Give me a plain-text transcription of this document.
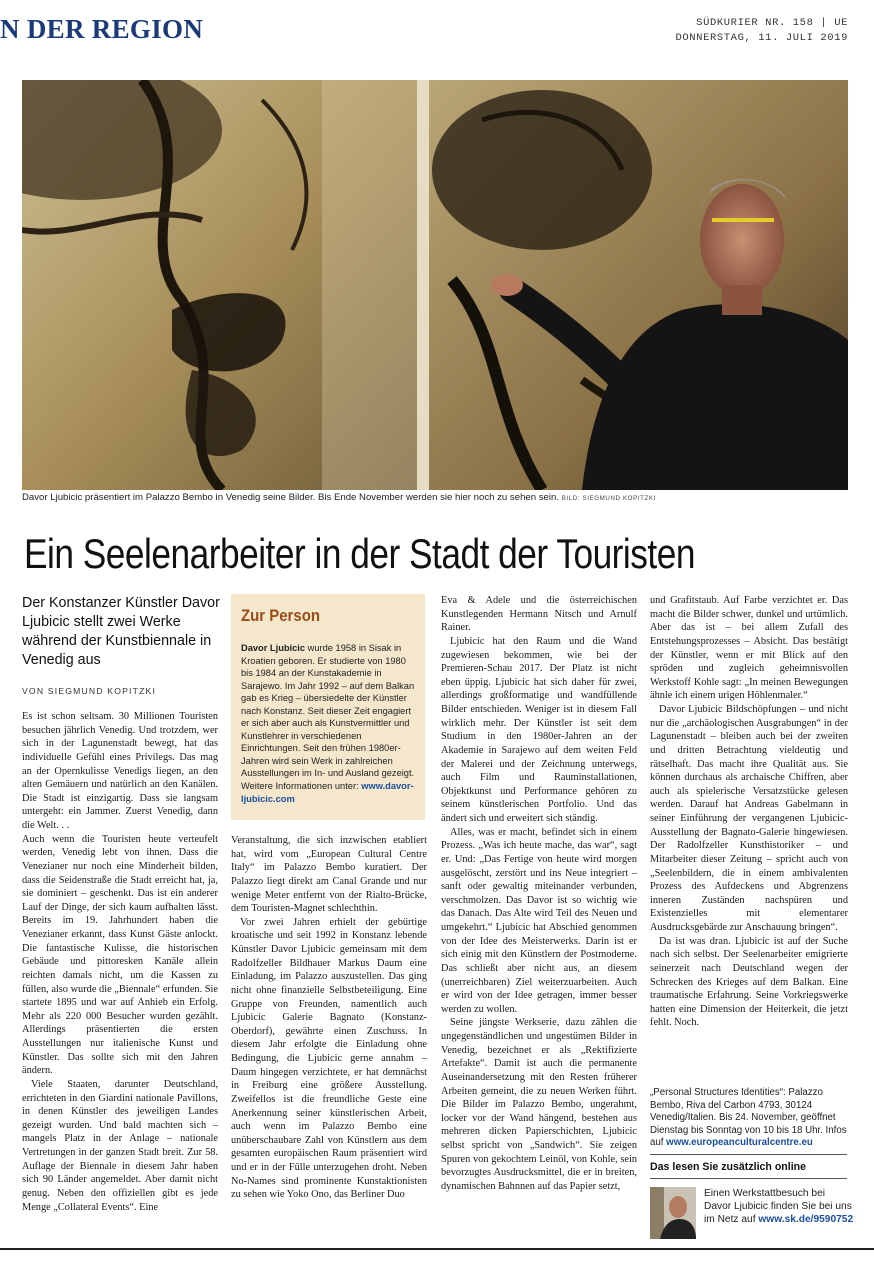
N DER REGION	SÜDKURIER NR. 158 | UE
DONNERSTAG, 11. JULI 2019
Davor Ljubicic präsentiert im Palazzo Bembo in Venedig seine Bilder. Bis Ende November werden sie hier noch zu sehen sein. BILD: SIEGMUND KOPITZKI
Ein Seelenarbeiter in der Stadt der Touristen
Der Konstanzer Künstler Davor Ljubicic stellt zwei Werke während der Kunstbiennale in Venedig aus
VON SIEGMUND KOPITZKI

Es ist schon seltsam. 30 Millionen Touristen besuchen jährlich Venedig. Und trotzdem, wer sich in der Lagunenstadt bewegt, hat das individuelle Gefühl eines Privilegs. Das mag an der Opernkulisse Venedigs liegen, an den alten Gemäuern und natürlich an den Kanälen. Die Stadt ist einzigartig. Dass sie langsam untergeht: ein Jammer. Zuerst Venedig, dann die Welt. . .

Auch wenn die Touristen heute verteufelt werden, Venedig lebt von ihnen. Dass die Venezianer nur noch eine Minderheit bilden, dass die Seidenstraße die Stadt erreicht hat, ja, sie dominiert – geschenkt. Das ist ein anderer Lauf der Dinge, der sich kaum aufhalten lässt. Bereits im 19. Jahrhundert haben die Venezianer erkannt, dass Kunst Gäste anlockt. Die fantastische Kulisse, die historischen Gebäude und pittoresken Kanäle allein reichten damals nicht, um die Kassen zu füllen, also wurde die „Biennale“ erfunden. Sie startete 1895 und war auf Anhieb ein Erfolg. Mehr als 220 000 Besucher wurden gezählt. Allerdings präsentierten die ersten Ausstellungen nur italienische Kunst und Künstler. Das sollte sich mit den Jahren ändern.

Viele Staaten, darunter Deutschland, errichteten in den Giardini nationale Pavillons, in denen Künstler des jeweiligen Landes gezeigt wurden. Und bald machten sich – mangels Platz in der Anlage – nationale Vertretungen in der ganzen Stadt breit. Zur 58. Auflage der Biennale in diesem Jahr haben sich 90 Länder angemeldet. Aber damit nicht genug. Neben den offiziellen gibt es jede Menge „Collateral Events“. Eine

Zur Person
Davor Ljubicic wurde 1958 in Sisak in Kroatien geboren. Er studierte von 1980 bis 1984 an der Kunstakademie in Sarajewo. Im Jahr 1992 – auf dem Balkan gab es Krieg – übersiedelte der Künstler nach Konstanz. Seit dieser Zeit engagiert er sich aber auch als Kunstvermittler und Kunstlehrer in verschiedenen Einrichtungen. Seit den frühen 1980er-Jahren wird sein Werk in zahlreichen Ausstellungen im In- und Ausland gezeigt. Weitere Informationen unter: www.davor-ljubicic.com

Veranstaltung, die sich inzwischen etabliert hat, wird vom „European Cultural Centre Italy“ im Palazzo Bembo kuratiert. Der Palazzo liegt direkt am Canal Grande und nur wenige Meter entfernt von der Rialto-Brücke, dem Touristen-Magnet schlechthin.

Vor zwei Jahren erhielt der gebürtige kroatische und seit 1992 in Konstanz lebende Künstler Davor Ljubicic gemeinsam mit dem Radolfzeller Bildhauer Markus Daum eine Einladung, im Palazzo auszustellen. Das ging nicht ohne finanzielle Selbstbeteiligung. Eine Gruppe von Freunden, namentlich auch Ljubicic Galerie Bagnato (Konstanz-Oberdorf), gewährte einen Zuschuss. In diesem Jahr erfolgte die Einladung ohne Bedingung, die Ljubicic gerne annahm – Daum hingegen verzichtete, er hat demnächst in Freiburg eine größere Ausstellung. Zweifellos ist die freundliche Geste eine Anerkennung seiner künstlerischen Arbeit, auch wenn im Palazzo Bembo eine unüberschaubare Zahl von Künstlern aus dem gesamten europäischen Raum präsentiert wird und er in der Fülle unterzugehen droht. Neben No-Names sind prominente Kunstaktionisten zu sehen wie Yoko Ono, das Berliner Duo

Eva & Adele und die österreichischen Kunstlegenden Hermann Nitsch und Arnulf Rainer.

Ljubicic hat den Raum und die Wand zugewiesen bekommen, wie bei der Premieren-Schau 2017. Der Platz ist nicht eben üppig. Ljubicic hat sich daher für zwei, allerdings großformatige und wandfüllende Bilder entschieden. Weniger ist in diesem Fall wirklich mehr. Der Künstler ist seit dem Studium in den 1980er-Jahren an der Akademie in Sarajewo auf dem weiten Feld der Malerei und der Zeichnung unterwegs, auch Film und Rauminstallationen, Objektkunst und Performance gehören zu seinem künstlerischen Portfolio. Und das ändert sich und erweitert sich ständig.

Alles, was er macht, befindet sich in einem Prozess. „Was ich heute mache, das war“, sagt er. Und: „Das Fertige von heute wird morgen ausgelöscht, zerstört und ins Neue integriert – sanft oder gewaltig miteinander verbunden, verschmolzen. Das Davor ist so wichtig wie das Danach. Das Alte wird Teil des Neuen und umgekehrt.“ Ljubicic hat Abschied genommen von der Idee des Meisterwerks. Darin ist er sich einig mit den Künstlern der Postmoderne. Das schließt aber nicht aus, an diesem (unerreichbaren) Ziel weiterzuarbeiten. Auch er wird von der Idee getragen, immer besser werden zu wollen.

Seine jüngste Werkserie, dazu zählen die ungegenständlichen und ungestümen Bilder in Venedig, bezeichnet er als „Rektifizierte Artefakte“. Damit ist auch die permanente Auseinandersetzung mit den Resten früherer Arbeiten gemeint, die zu neuen Werken führt. Die Bilder im Palazzo Bembo, ungerahmt, locker vor der Wand hängend, bestehen aus mehreren dicken Papierschichten, Ljubicic selbst spricht von „Sandwich“. Sie zeigen Spuren von gekochtem Leinöl, von Kohle, sein bevorzugtes Ausdrucksmittel, die er in breiten, dynamischen Bahnnen auf das Papier setzt,

und Grafitstaub. Auf Farbe verzichtet er. Das macht die Bilder schwer, dunkel und urtümlich. Aber das ist – bei allem Zufall des Entstehungsprozesses – Absicht. Das bestätigt der Künstler, wenn er mit Blick auf den spröden und zugleich geheimnisvollen Werkstoff Kohle sagt: „In meinen Bewegungen ähnle ich einem urigen Höhlenmaler.“

Davor Ljubicic Bildschöpfungen – und nicht nur die „archäologischen Ausgrabungen“ in der Lagunenstadt – bleiben auch bei der zweiten und dritten Betrachtung vieldeutig und rätselhaft. Das macht ihre Qualität aus. Sie können durchaus als archaische Chiffren, aber auch als spielerische Versatzstücke gelesen werden. Darauf hat Andreas Gabelmann in seiner Einführung der vergangenen Ljubicic-Ausstellung der Bagnato-Galerie hingewiesen. Der Radolfzeller Kunsthistoriker – und Mitarbeiter dieser Zeitung – spricht auch von „Seelenbildern, die in einem ambivalenten Prozess des Aufdeckens und Abgrenzens inneren Zuständen nachspüren und Existenzielles mit elementarer Ausdrucksgebärde zur Anschauung bringen“.

Da ist was dran. Ljubicic ist auf der Suche nach sich selbst. Der Seelenarbeiter emigrierte seinerzeit nach Deutschland wegen der Schrecken des Krieges auf dem Balkan. Eine traumatische Erfahrung. Seine Vorkriegswerke hatten eine Dimension der Heiterkeit, die jetzt fehlt. Noch.

„Personal Structures Identities“: Palazzo Bembo, Riva del Carbon 4793, 30124 Venedig/Italien. Bis 24. November, geöffnet Dienstag bis Sonntag von 10 bis 18 Uhr. Infos auf www.europeanculturalcentre.eu
Das lesen Sie zusätzlich online
Einen Werkstattbesuch bei Davor Ljubicic finden Sie bei uns im Netz auf www.sk.de/9590752
